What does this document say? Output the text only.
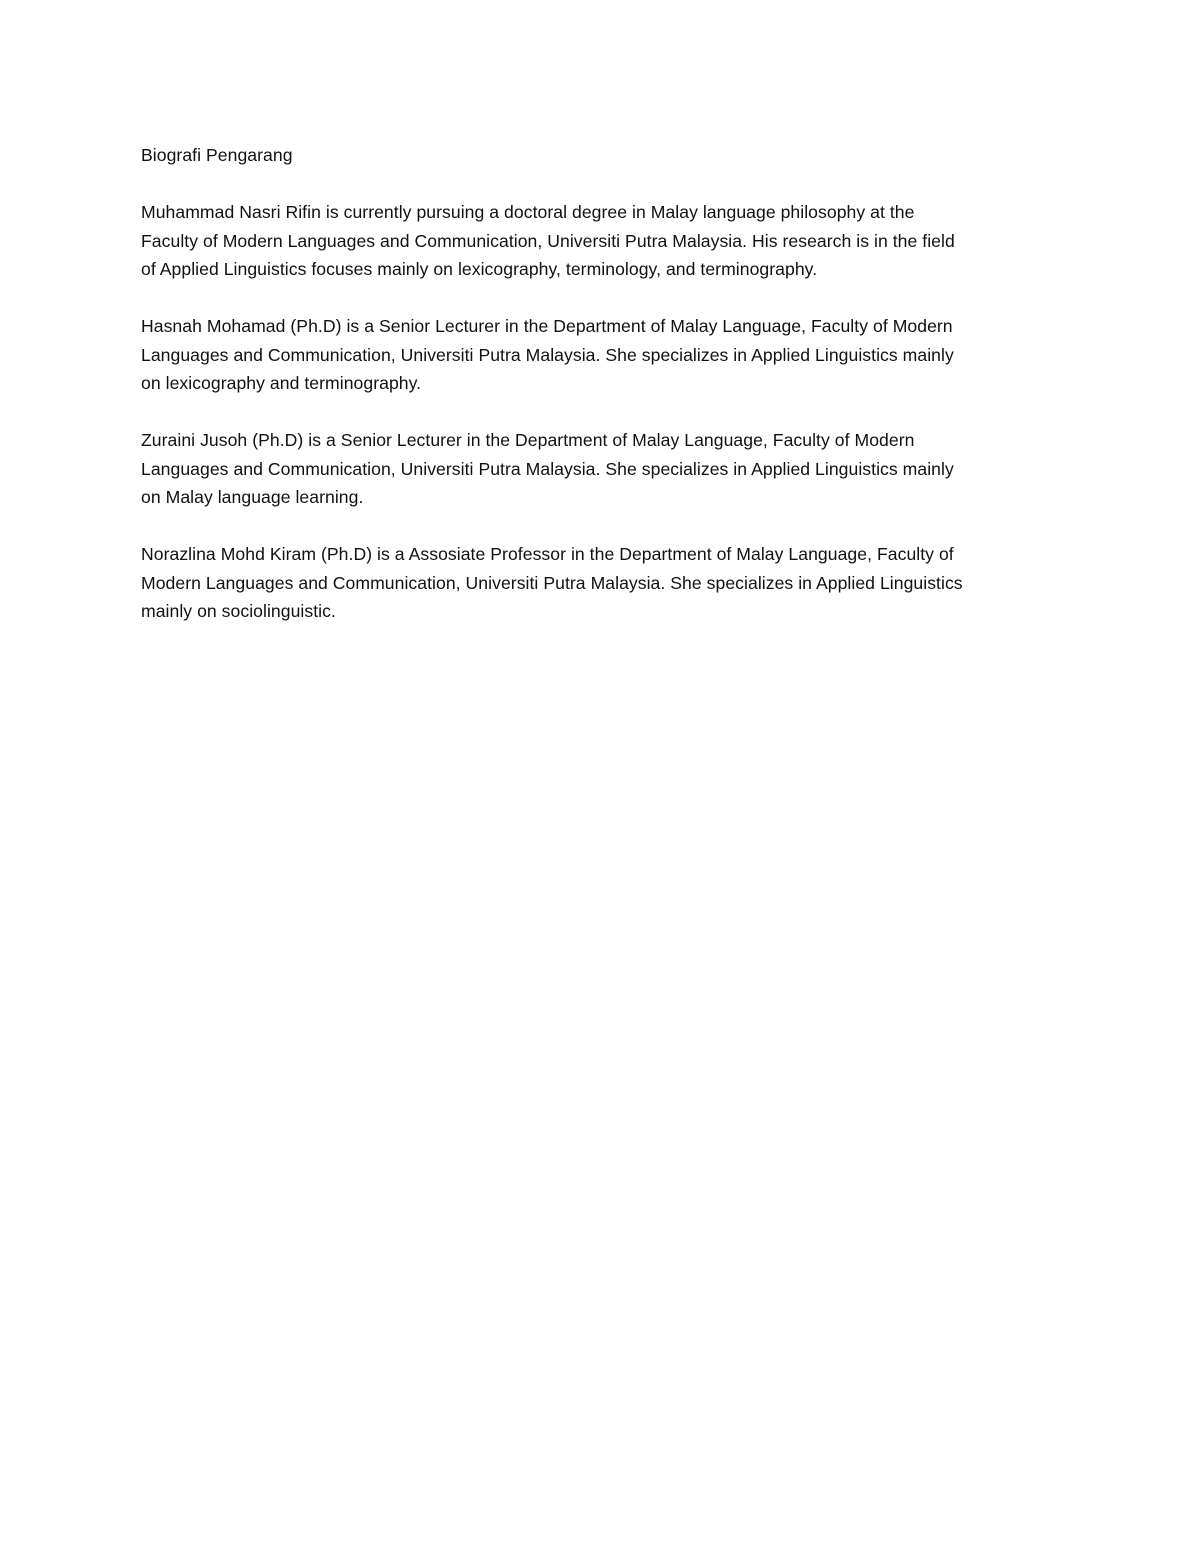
Biografi Pengarang

Muhammad Nasri Rifin is currently pursuing a doctoral degree in Malay language philosophy at the
Faculty of Modern Languages and Communication, Universiti Putra Malaysia. His research is in the field
of Applied Linguistics focuses mainly on lexicography, terminology, and terminography.

Hasnah Mohamad (Ph.D) is a Senior Lecturer in the Department of Malay Language, Faculty of Modern
Languages and Communication, Universiti Putra Malaysia. She specializes in Applied Linguistics mainly
on lexicography and terminography.

Zuraini Jusoh (Ph.D) is a Senior Lecturer in the Department of Malay Language, Faculty of Modern
Languages and Communication, Universiti Putra Malaysia. She specializes in Applied Linguistics mainly
on Malay language learning.

Norazlina Mohd Kiram (Ph.D) is a Assosiate Professor in the Department of Malay Language, Faculty of
Modern Languages and Communication, Universiti Putra Malaysia. She specializes in Applied Linguistics
mainly on sociolinguistic.
